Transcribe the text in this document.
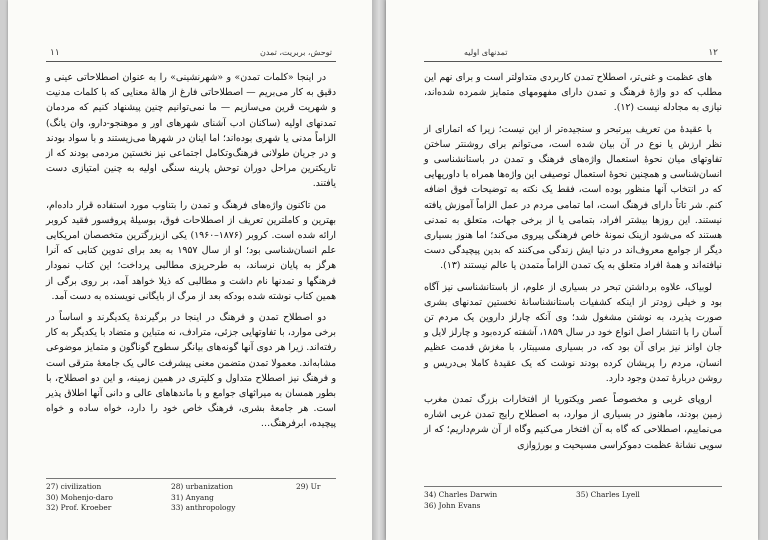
۱۱	توحش، بربریت، تمدن

در اینجا «کلمات تمدن» و «شهرنشینی» را به عنوان اصطلاحاتی عینی و دقیق به کار می‌بریم — اصطلاحاتی فارغ از هالهٔ معنایی که با کلمات مدنیت و شهریت قرین می‌سازیم — ما نمی‌توانیم چنین پیشنهاد کنیم که مردمان تمدنهای اولیه (ساکنان ادب آشنای شهرهای اور و موهنجو-دارو، وان یانگ) الزاماً مدنی یا شهری بوده‌اند؛ اما اینان در شهرها می‌زیستند و با سواد بودند و در جریان طولانی فرهنگ‌وتکامل اجتماعی نیز نخستین مردمی بودند که از تاریکترین مراحل دوران توحش پارینه سنگی اولیه به چنین امتیازی دست یافتند.

من تاکنون واژه‌های فرهنگ و تمدن را بتناوب مورد استفاده قرار داده‌ام، بهترین و کاملترین تعریف از اصطلاحات فوق، بوسیلهٔ پروفسور فقید کروبر ارائه شده است. کروبر (۱۸۷۶–۱۹۶۰) یکی ازبزرگترین متخصصان امریکایی علم انسان‌شناسی بود؛ او از سال ۱۹۵۷ به بعد برای تدوین کتابی که آنرا هرگز به پایان نرساند، به طرحریزی مطالبی پرداخت؛ این کتاب نمودار فرهنگها و تمدنها نام داشت و مطالبی که ذیلا خواهد آمد، بر روی برگی از همین کتاب نوشته شده بودکه بعد از مرگ از بایگانی نویسنده به دست آمد.

دو اصطلاح تمدن و فرهنگ در اینجا در برگیرندهٔ یکدیگرند و اساساً در برخی موارد، با تفاوتهایی جزئی، مترادف، نه متباین و متضاد با یکدیگر به کار رفته‌اند. زیرا هر دوی‌ آنها گونه‌های بیانگر سطوح گوناگون و متمایز موضوعی مشابه‌اند. معمولا تمدن متضمن معنی پیشرفت عالی یک جامعهٔ مترقی است و فرهنگ نیز اصطلاح متداول و کلیتری در همین زمینه، و این دو اصطلاح، با بطور همسان به میراثهای جوامع و با ماندهاهای عالی و دانی آنها اطلاق پذیر است. هر جامعهٔ بشری، فرهنگ خاص خود را دارد، خواه ساده و خواه پیچیده، ابرفرهنگ…

27) civilization	28) urbanization	29) Ur
30) Mohenjo-daro	31) Anyang
32) Prof. Kroeber	33) anthropology
۱۲
تمدنهای اولیه

های عظمت و غنی‌تر، اصطلاح تمدن کاربردی متداولتر است و برای نهم این مطلب که دو واژهٔ فرهنگ و تمدن دارای مفهومهای متمایز شمرده شده‌اند، نیازی به مجادله نیست (۱۲).

با عقیدهٔ من تعریف بیرتبحر و سنجیده‌تر از این نیست؛ زیرا که اتمارای از نظر ارزش یا نوع در آن بیان شده است، می‌توانم برای روشنتر ساختن تفاوتهای میان نحوهٔ استعمال واژه‌های فرهنگ و تمدن در باستانشناسی و انسان‌شناسی و همچنین نحوهٔ استعمال توصیفی این واژه‌ها همراه با داوریهایی که در انتخاب آنها منظور بوده است، فقط یک نکته به توضیحات فوق اضافه کنم. شر تاتاً دارای فرهنگ است، اما تمامی مردم در عمل الزاماً آموزش یافته نیستند. این روزها بیشتر افراد، بتمامی یا از برخی جهات، متعلق به تمدنی هستند که می‌شود ازینک نمونهٔ خاص فرهنگی پیروی می‌کند؛ اما هنوز بسیاری دیگر از جوامع معروف‌اند در دنیا ایش زندگی می‌کنند که بدین پیچیدگی دست نیافته‌اند و همهٔ افراد متعلق به یک تمدن الزاماً متمدن یا عالم نیستند (۱۳).

لوبیاک، علاوه برداشتن تبحر در بسیاری از علوم، از باستانشناسی نیز آگاه بود و خیلی زودتر از اینکه کشفیات باستانشناسانهٔ نخستین تمدنهای بشری صورت پذیرد، به نوشتن مشغول شد؛ وی آنکه چارلز داروین یک مردم تن آسان را با انتشار اصل انواع خود در سال ۱۸۵۹، آشفته کرده‌بود و چارلز لایل و جان اوانز نیز برای آن بود که، در بسیاری مسیبتار، با مغزش قدمت عظیم انسان، مردم را پریشان کرده بودند نوشت که یک عقیدهٔ کاملا بی‌دریس و روشن دربارهٔ تمدن وجود دارد.

اروپای غربی و مخصوصاً عصر ویکتوریا از افتخارات بزرگ تمدن مغرب زمین بودند، ماهنوز در بسیاری از موارد، به اصطلاح رایج تمدن غربی اشاره می‌نماییم، اصطلاحی که گاه به آن افتخار می‌کنیم وگاه از آن شرم‌داریم؛ که از سویی نشانهٔ عظمت دموکراسی مسیحیت و بورژوازی

34) Charles Darwin	35) Charles Lyell
36) John Evans
